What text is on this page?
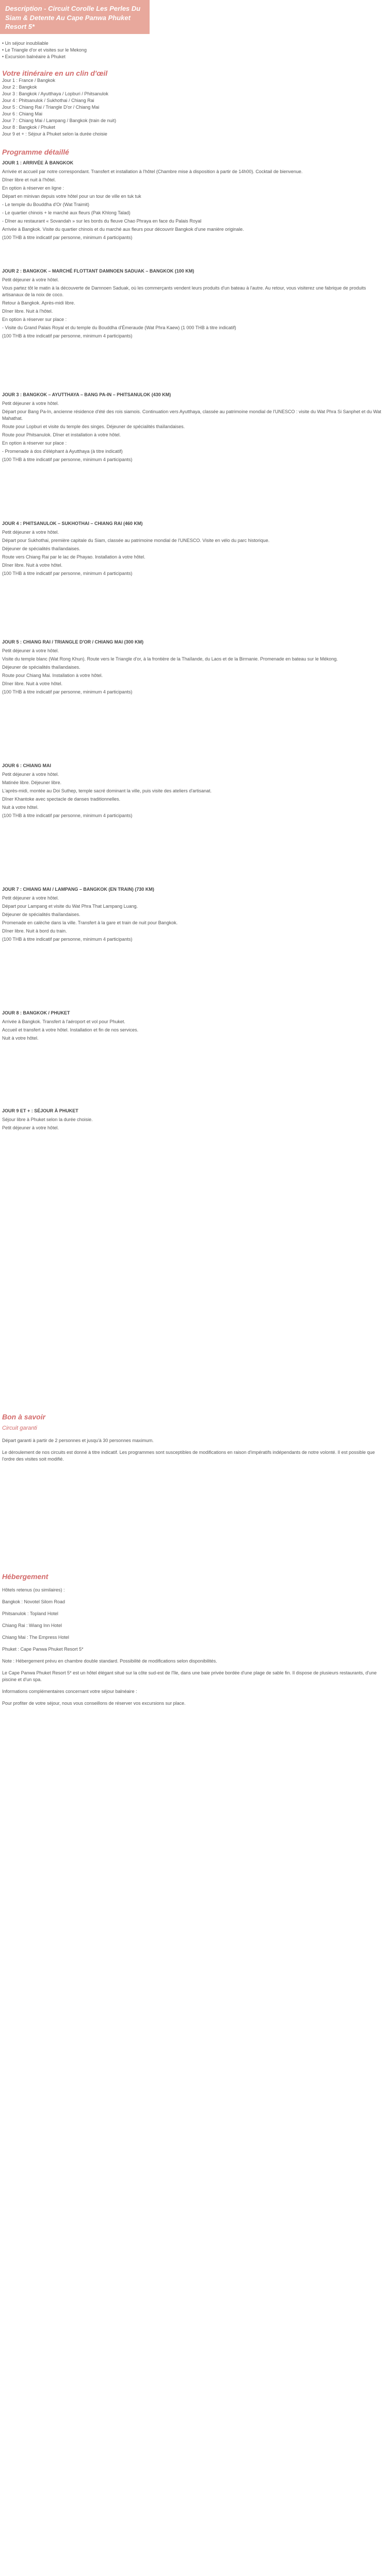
Description - Circuit Corolle Les Perles Du Siam & Detente Au Cape Panwa Phuket Resort 5*

• Un séjour inoubliable
• Le Triangle d'or et visites sur le Mekong
• Excursion balnéaire à Phuket
Votre itinéraire en un clin d'œil
Jour 1 : France / Bangkok
Jour 2 : Bangkok
Jour 3 : Bangkok / Ayutthaya / Lopburi / Phitsanulok
Jour 4 : Phitsanulok / Sukhothai / Chiang Rai
Jour 5 : Chiang Rai / Triangle D'or / Chiang Mai
Jour 6 : Chiang Mai
Jour 7 : Chiang Mai / Lampang / Bangkok (train de nuit)
Jour 8 : Bangkok / Phuket
Jour 9 et + : Séjour à Phuket selon la durée choisie
Programme détaillé
JOUR 1 : ARRIVÉE À BANGKOK

Arrivée et accueil par notre correspondant. Transfert et installation à l'hôtel (Chambre mise à disposition à partir de 14h00). Cocktail de bienvenue.

Dîner libre et nuit à l'hôtel.

En option à réserver en ligne :

Départ en minivan depuis votre hôtel pour un tour de ville en tuk tuk

- Le temple du Bouddha d'Or (Wat Traimit)

- Le quartier chinois + le marché aux fleurs (Pak Khlong Talad)

- Dîner au restaurant « Sovandah » sur les bords du fleuve Chao Phraya en face du Palais Royal

Arrivée à Bangkok. Visite du quartier chinois et du marché aux fleurs pour découvrir Bangkok d'une manière originale.

(100 THB à titre indicatif par personne, minimum 4 participants)

JOUR 2 : BANGKOK – MARCHÉ FLOTTANT DAMNOEN SADUAK – BANGKOK (100 KM)

Petit déjeuner à votre hôtel.

Vous partez tôt le matin à la découverte de Damnoen Saduak, où les commerçants vendent leurs produits d'un bateau à l'autre. Au retour, vous visiterez une fabrique de produits artisanaux de la noix de coco.

Retour à Bangkok. Après-midi libre.

Dîner libre. Nuit à l'hôtel.

En option à réserver sur place :

- Visite du Grand Palais Royal et du temple du Bouddha d'Émeraude (Wat Phra Kaew) (1 000 THB à titre indicatif)

(100 THB à titre indicatif par personne, minimum 4 participants)

JOUR 3 : BANGKOK – AYUTTHAYA – BANG PA-IN – PHITSANULOK (430 KM)

Petit déjeuner à votre hôtel.

Départ pour Bang Pa-In, ancienne résidence d'été des rois siamois. Continuation vers Ayutthaya, classée au patrimoine mondial de l'UNESCO : visite du Wat Phra Si Sanphet et du Wat Mahathat.

Route pour Lopburi et visite du temple des singes. Déjeuner de spécialités thaïlandaises.

Route pour Phitsanulok. Dîner et installation à votre hôtel.

En option à réserver sur place :

- Promenade à dos d'éléphant à Ayutthaya (à titre indicatif)

(100 THB à titre indicatif par personne, minimum 4 participants)

JOUR 4 : PHITSANULOK – SUKHOTHAI – CHIANG RAI (460 KM)

Petit déjeuner à votre hôtel.

Départ pour Sukhothai, première capitale du Siam, classée au patrimoine mondial de l'UNESCO. Visite en vélo du parc historique.

Déjeuner de spécialités thaïlandaises.

Route vers Chiang Rai par le lac de Phayao. Installation à votre hôtel.

Dîner libre. Nuit à votre hôtel.

(100 THB à titre indicatif par personne, minimum 4 participants)

JOUR 5 : CHIANG RAI / TRIANGLE D'OR / CHIANG MAI (300 KM)

Petit déjeuner à votre hôtel.

Visite du temple blanc (Wat Rong Khun). Route vers le Triangle d'or, à la frontière de la Thaïlande, du Laos et de la Birmanie. Promenade en bateau sur le Mékong.

Déjeuner de spécialités thaïlandaises.

Route pour Chiang Mai. Installation à votre hôtel.

Dîner libre. Nuit à votre hôtel.

(100 THB à titre indicatif par personne, minimum 4 participants)

JOUR 6 : CHIANG MAI

Petit déjeuner à votre hôtel.

Matinée libre. Déjeuner libre.

L'après-midi, montée au Doi Suthep, temple sacré dominant la ville, puis visite des ateliers d'artisanat.

Dîner Khantoke avec spectacle de danses traditionnelles.

Nuit à votre hôtel.

(100 THB à titre indicatif par personne, minimum 4 participants)

JOUR 7 : CHIANG MAI / LAMPANG – BANGKOK (EN TRAIN) (730 KM)

Petit déjeuner à votre hôtel.

Départ pour Lampang et visite du Wat Phra That Lampang Luang.

Déjeuner de spécialités thaïlandaises.

Promenade en calèche dans la ville. Transfert à la gare et train de nuit pour Bangkok.

Dîner libre. Nuit à bord du train.

(100 THB à titre indicatif par personne, minimum 4 participants)

JOUR 8 : BANGKOK / PHUKET

Arrivée à Bangkok. Transfert à l'aéroport et vol pour Phuket.

Accueil et transfert à votre hôtel. Installation et fin de nos services.

Nuit à votre hôtel.

JOUR 9 ET + : SÉJOUR À PHUKET

Séjour libre à Phuket selon la durée choisie.

Petit déjeuner à votre hôtel.

Bon à savoir
Circuit garanti
Départ garanti à partir de 2 personnes et jusqu'à 30 personnes maximum.
Le déroulement de nos circuits est donné à titre indicatif. Les programmes sont susceptibles de modifications en raison d'impératifs indépendants de notre volonté. Il est possible que l'ordre des visites soit modifié.
Hébergement
Hôtels retenus (ou similaires) :
Bangkok : Novotel Silom Road
Phitsanulok : Topland Hotel
Chiang Rai : Wiang Inn Hotel
Chiang Mai : The Empress Hotel
Phuket : Cape Panwa Phuket Resort 5*
Note : Hébergement prévu en chambre double standard. Possibilité de modifications selon disponibilités.
Le Cape Panwa Phuket Resort 5* est un hôtel élégant situé sur la côte sud-est de l'île, dans une baie privée bordée d'une plage de sable fin. Il dispose de plusieurs restaurants, d'une piscine et d'un spa.
Informations complémentaires concernant votre séjour balnéaire :
Pour profiter de votre séjour, nous vous conseillons de réserver vos excursions sur place.
